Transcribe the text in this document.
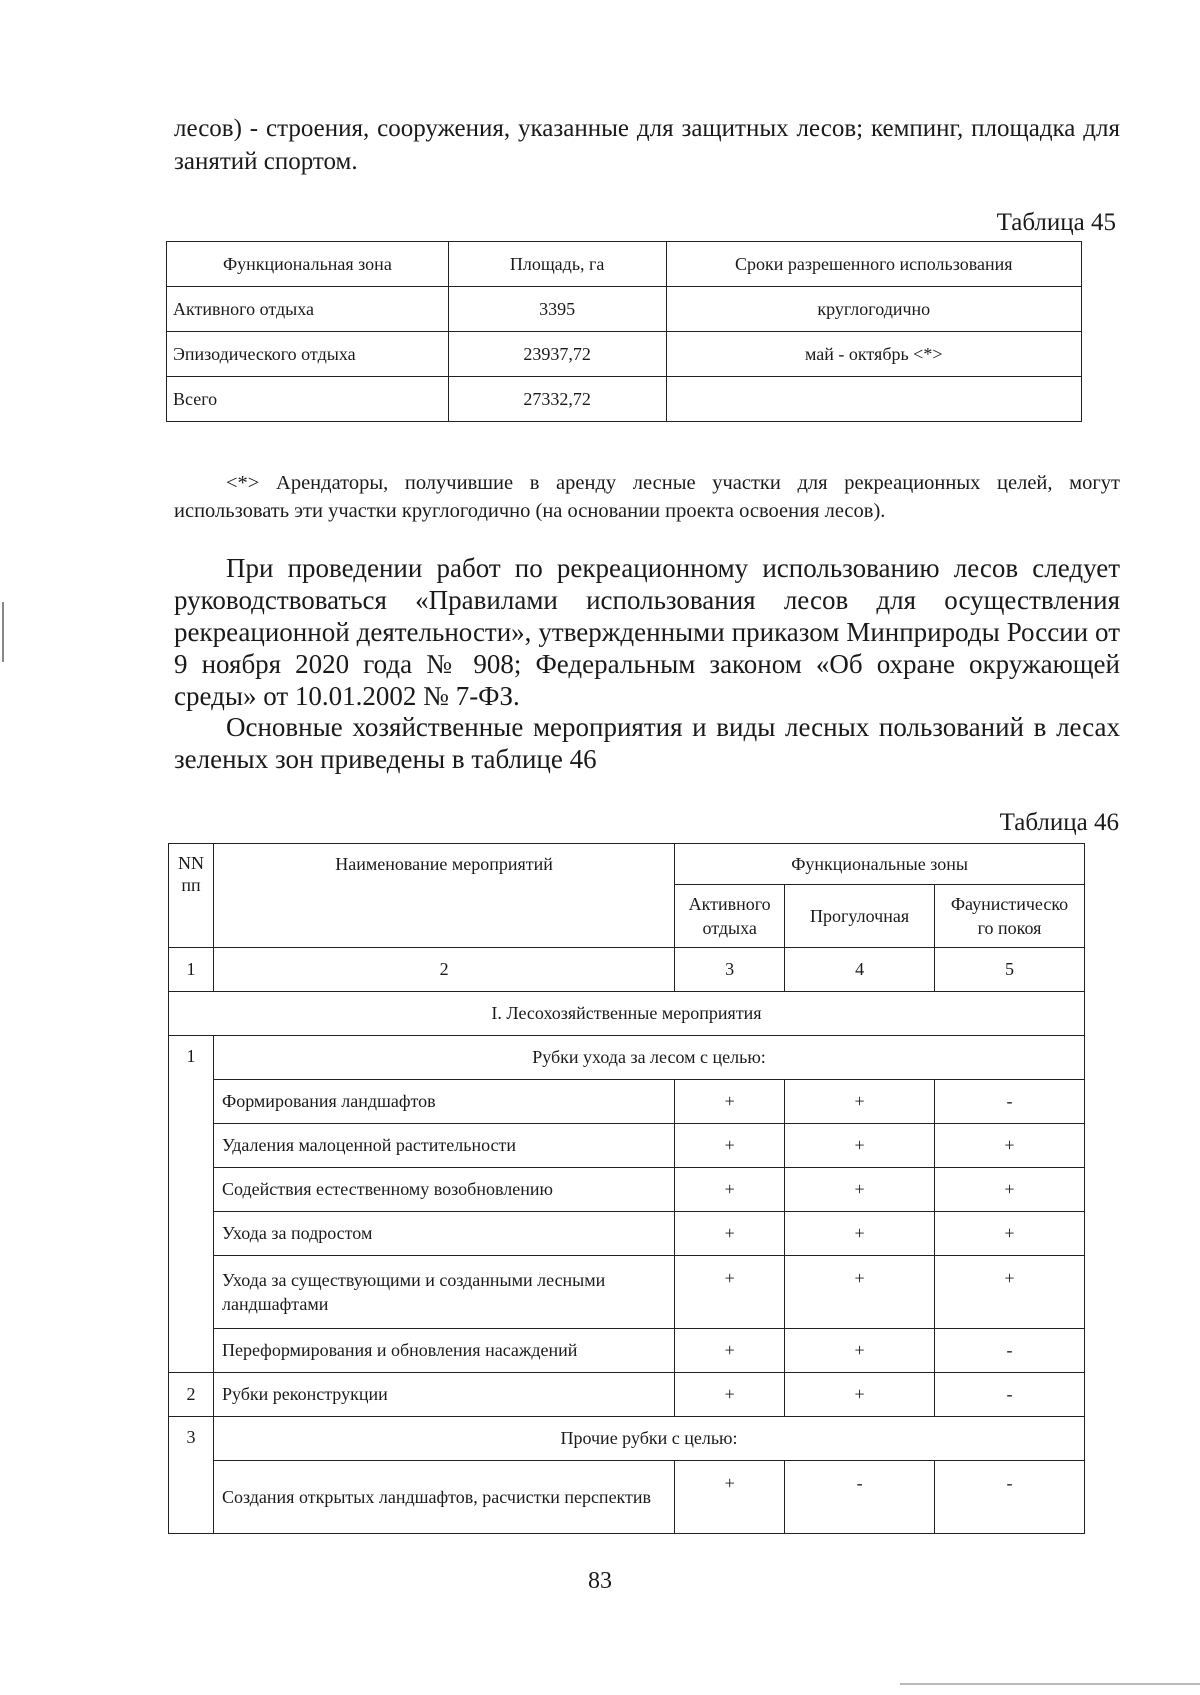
лесов) - строения, сооружения, указанные для защитных лесов; кемпинг, площадка для занятий спортом.

Таблица 45

Функциональная зона	Площадь, га	Сроки разрешенного использования
Активного отдыха	3395	круглогодично
Эпизодического отдыха	23937,72	май - октябрь <*>
Всего	27332,72	

<*> Арендаторы, получившие в аренду лесные участки для рекреационных целей, могут использовать эти участки круглогодично (на основании проекта освоения лесов).

При проведении работ по рекреационному использованию лесов следует руководствоваться «Правилами использования лесов для осуществления рекреационной деятельности», утвержденными приказом Минприроды России от 9 ноября 2020 года № 908; Федеральным законом «Об охране окружающей среды» от 10.01.2002 № 7-ФЗ.

Основные хозяйственные мероприятия и виды лесных пользований в лесах зеленых зон приведены в таблице 46

Таблица 46

NN пп	Наименование мероприятий	Функциональные зоны		
		Активного отдыха	Прогулочная	Фаунистическо го покоя
1	2	3	4	5
I. Лесохозяйственные мероприятия				
1	Рубки ухода за лесом с целью:			
	Формирования ландшафтов	+	+	-
	Удаления малоценной растительности	+	+	+
	Содействия естественному возобновлению	+	+	+
	Ухода за подростом	+	+	+
	Ухода за существующими и созданными лесными ландшафтами	+	+	+
	Переформирования и обновления насаждений	+	+	-
2	Рубки реконструкции	+	+	-
3	Прочие рубки с целью:			
	Создания открытых ландшафтов, расчистки перспектив	+	-	-

83
